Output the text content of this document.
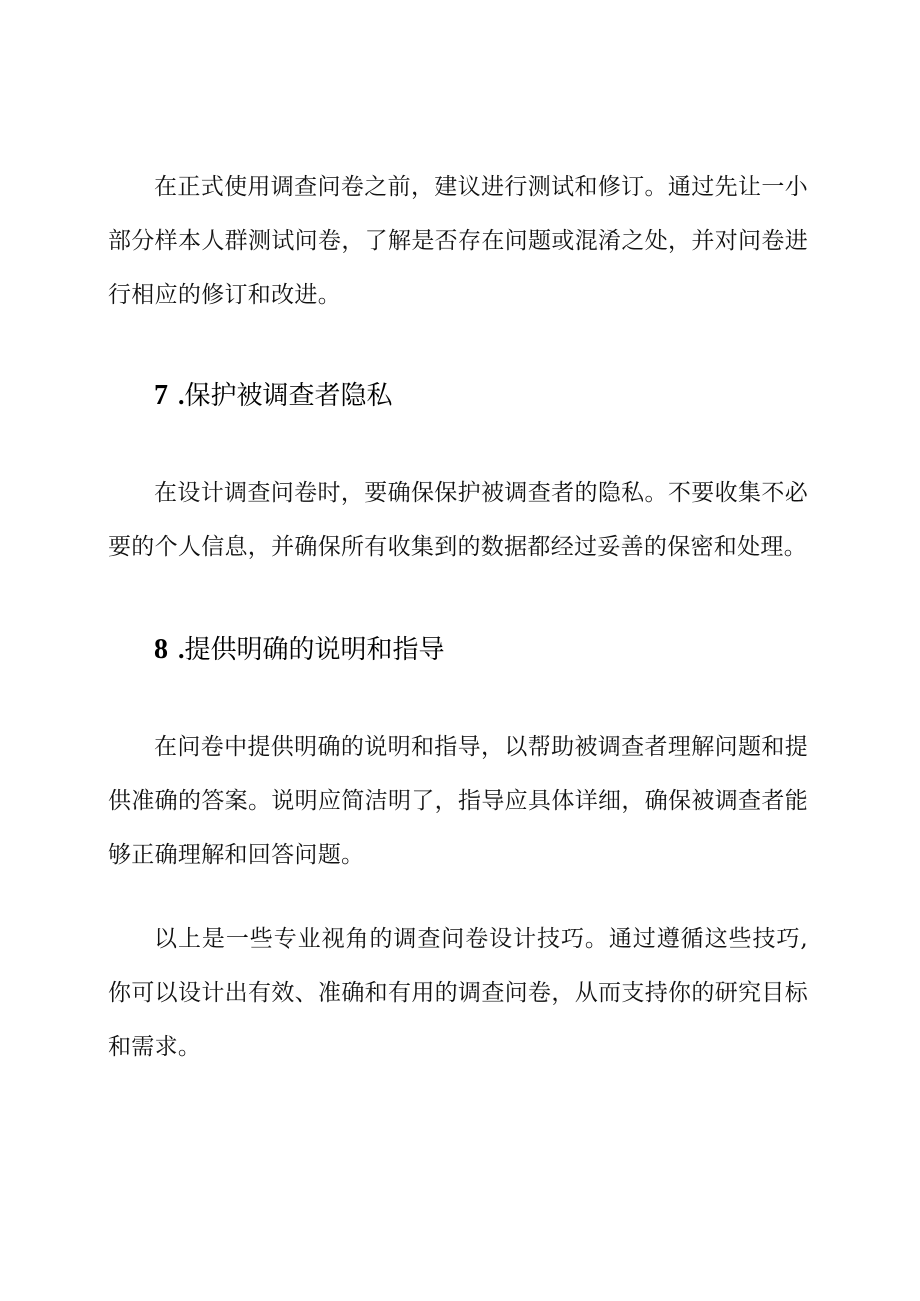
在正式使用调查问卷之前，建议进行测试和修订。通过先让一小部分样本人群测试问卷，了解是否存在问题或混淆之处，并对问卷进行相应的修订和改进。

7 .保护被调查者隐私

在设计调查问卷时，要确保保护被调查者的隐私。不要收集不必要的个人信息，并确保所有收集到的数据都经过妥善的保密和处理。

8 .提供明确的说明和指导

在问卷中提供明确的说明和指导，以帮助被调查者理解问题和提供准确的答案。说明应简洁明了，指导应具体详细，确保被调查者能够正确理解和回答问题。

以上是一些专业视角的调查问卷设计技巧。通过遵循这些技巧,你可以设计出有效、准确和有用的调查问卷，从而支持你的研究目标和需求。
